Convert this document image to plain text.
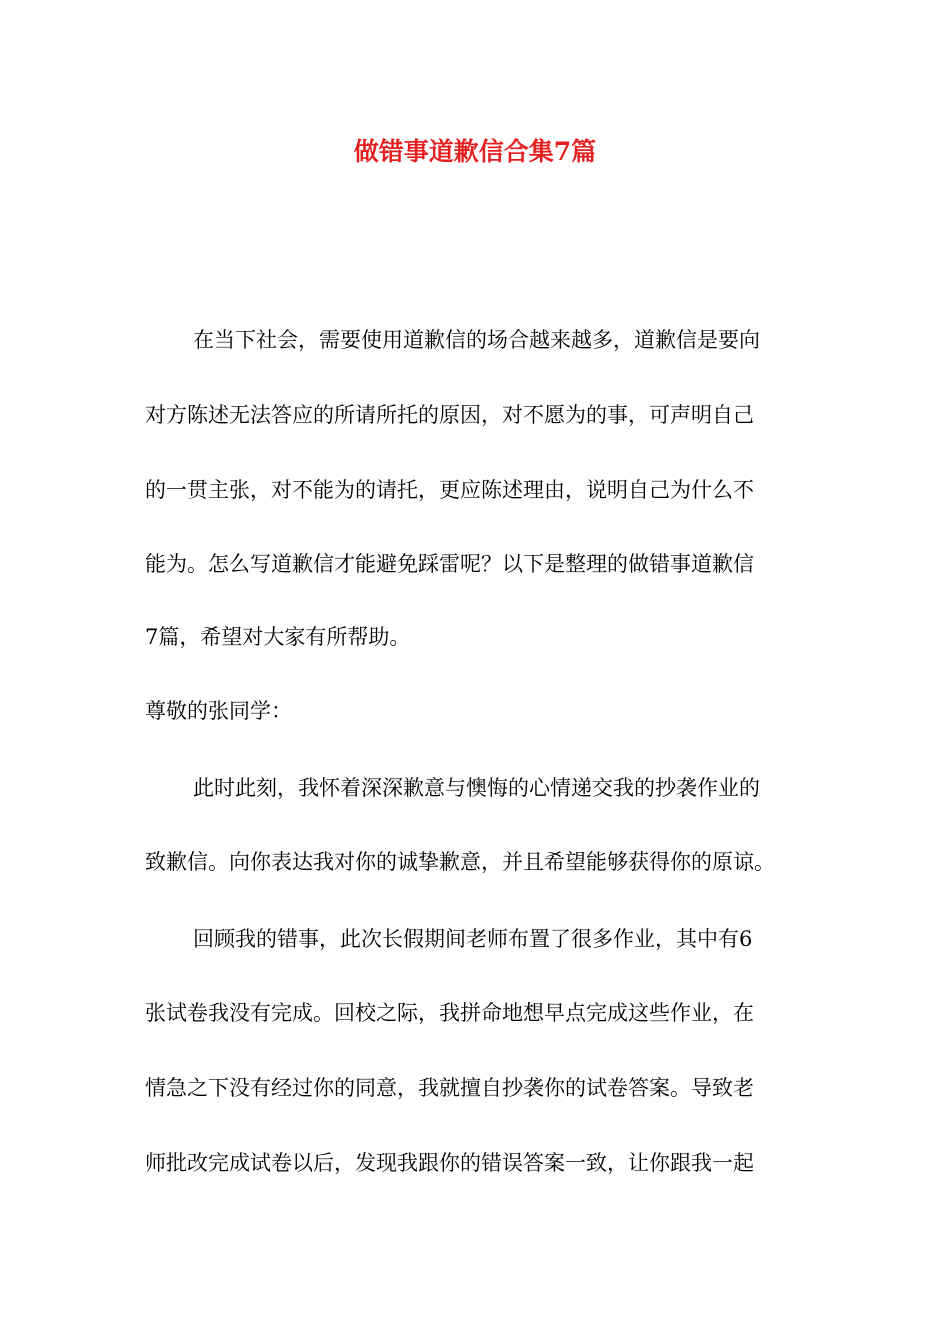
做错事道歉信合集7篇

在当下社会，需要使用道歉信的场合越来越多，道歉信是要向

对方陈述无法答应的所请所托的原因，对不愿为的事，可声明自己

的一贯主张，对不能为的请托，更应陈述理由，说明自己为什么不

能为。怎么写道歉信才能避免踩雷呢？以下是整理的做错事道歉信

7篇，希望对大家有所帮助。

尊敬的张同学：

此时此刻，我怀着深深歉意与懊悔的心情递交我的抄袭作业的

致歉信。向你表达我对你的诚挚歉意，并且希望能够获得你的原谅。

回顾我的错事，此次长假期间老师布置了很多作业，其中有6

张试卷我没有完成。回校之际，我拼命地想早点完成这些作业，在

情急之下没有经过你的同意，我就擅自抄袭你的试卷答案。导致老

师批改完成试卷以后，发现我跟你的错误答案一致，让你跟我一起
